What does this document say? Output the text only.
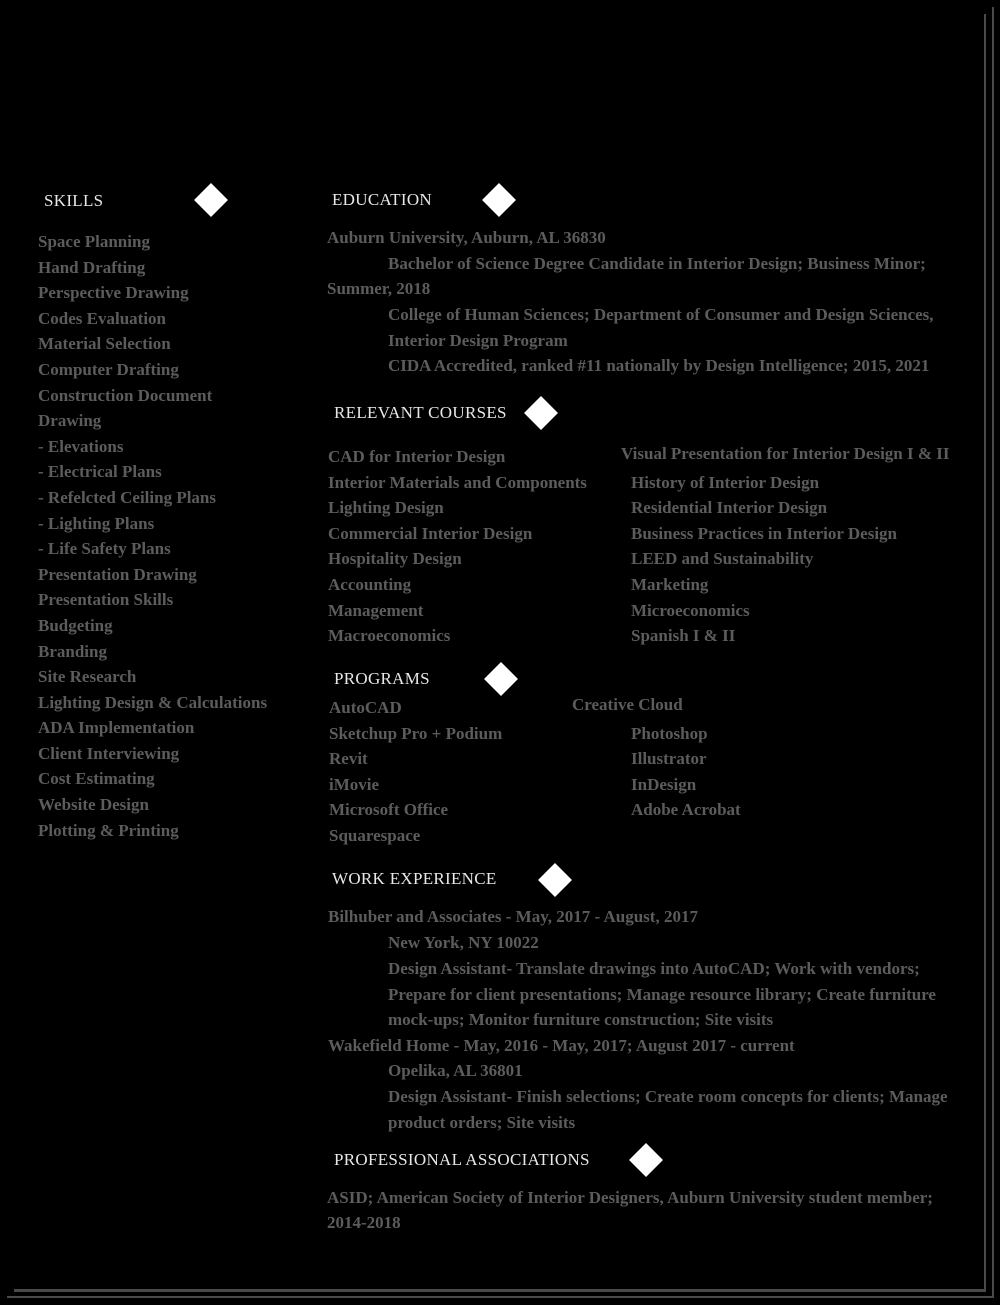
SKILLS
Space Planning
Hand Drafting
Perspective Drawing
Codes Evaluation
Material Selection
Computer Drafting
Construction Document
Drawing
- Elevations
- Electrical Plans
- Refelcted Ceiling Plans
- Lighting Plans
- Life Safety Plans
Presentation Drawing
Presentation Skills
Budgeting
Branding
Site Research
Lighting Design & Calculations
ADA Implementation
Client Interviewing
Cost Estimating
Website Design
Plotting & Printing
EDUCATION
Auburn University, Auburn, AL 36830
Bachelor of Science Degree Candidate in Interior Design; Business Minor;
Summer, 2018
College of Human Sciences; Department of Consumer and Design Sciences,
Interior Design Program
CIDA Accredited, ranked #11 nationally by Design Intelligence; 2015, 2021
RELEVANT COURSES
CAD for Interior Design
Interior Materials and Components
Lighting Design
Commercial Interior Design
Hospitality Design
Accounting
Management
Macroeconomics
Visual Presentation for Interior Design I & II
History of Interior Design
Residential Interior Design
Business Practices in Interior Design
LEED and Sustainability
Marketing
Microeconomics
Spanish I & II
PROGRAMS
AutoCAD
Sketchup Pro + Podium
Revit
iMovie
Microsoft Office
Squarespace
Creative Cloud
Photoshop
Illustrator
InDesign
Adobe Acrobat
WORK EXPERIENCE
Bilhuber and Associates - May, 2017 - August, 2017
New York, NY 10022
Design Assistant- Translate drawings into AutoCAD; Work with vendors;
Prepare for client presentations; Manage resource library; Create furniture
mock-ups; Monitor furniture construction; Site visits
Wakefield Home - May, 2016 - May, 2017; August 2017 - current
Opelika, AL 36801
Design Assistant- Finish selections; Create room concepts for clients; Manage
product orders; Site visits
PROFESSIONAL ASSOCIATIONS
ASID; American Society of Interior Designers, Auburn University student member;
2014-2018
